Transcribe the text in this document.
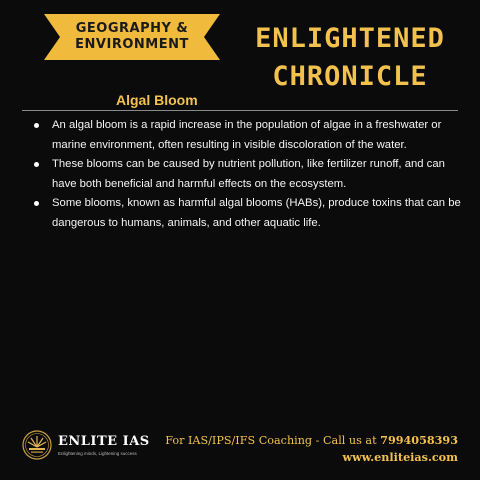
GEOGRAPHY &
ENVIRONMENT	ENLIGHTENED
CHRONICLE
Algal Bloom
An algal bloom is a rapid increase in the population of algae in a freshwater or marine environment, often resulting in visible discoloration of the water.
These blooms can be caused by nutrient pollution, like fertilizer runoff, and can have both beneficial and harmful effects on the ecosystem.
Some blooms, known as harmful algal blooms (HABs), produce toxins that can be dangerous to humans, animals, and other aquatic life.
ENLITE IAS
Enlightening minds, Lightening success
For IAS/IPS/IFS Coaching - Call us at 7994058393
www.enliteias.com
